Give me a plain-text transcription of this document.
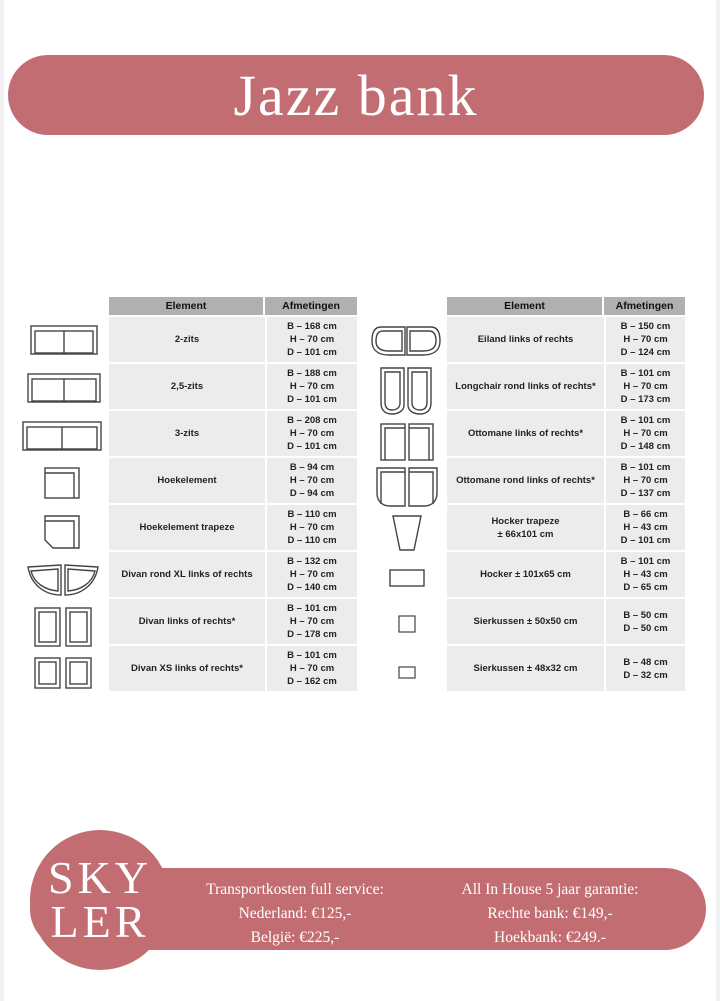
Jazz bank
Element	Afmetingen
2-zits	B – 168 cm
H – 70 cm
D – 101 cm

2,5-zits	B – 188 cm
H – 70 cm
D – 101 cm

3-zits	B – 208 cm
H – 70 cm
D – 101 cm

Hoekelement	B – 94 cm
H – 70 cm
D – 94 cm

Hoekelement trapeze	B – 110 cm
H – 70 cm
D – 110 cm

Divan rond XL links of rechts	B – 132 cm
H – 70 cm
D – 140 cm

Divan links of rechts*	B – 101 cm
H – 70 cm
D – 178 cm

Divan XS links of rechts*	B – 101 cm
H – 70 cm
D – 162 cm
Element	Afmetingen
Eiland links of rechts	B – 150 cm
H – 70 cm
D – 124 cm

Longchair rond links of rechts*	B – 101 cm
H – 70 cm
D – 173 cm

Ottomane links of rechts*	B – 101 cm
H – 70 cm
D – 148 cm

Ottomane rond links of rechts*	B – 101 cm
H – 70 cm
D – 137 cm

Hocker trapeze
± 66x101 cm	B – 66 cm
H – 43 cm
D – 101 cm

Hocker ± 101x65 cm	B – 101 cm
H – 43 cm
D – 65 cm

Sierkussen ± 50x50 cm	B – 50 cm
D – 50 cm

Sierkussen ± 48x32 cm	B – 48 cm
D – 32 cm
SKY
LER
Transportkosten full service:
Nederland: €125,-
België: €225,-
All In House 5 jaar garantie:
Rechte bank: €149,-
Hoekbank: €249.-
